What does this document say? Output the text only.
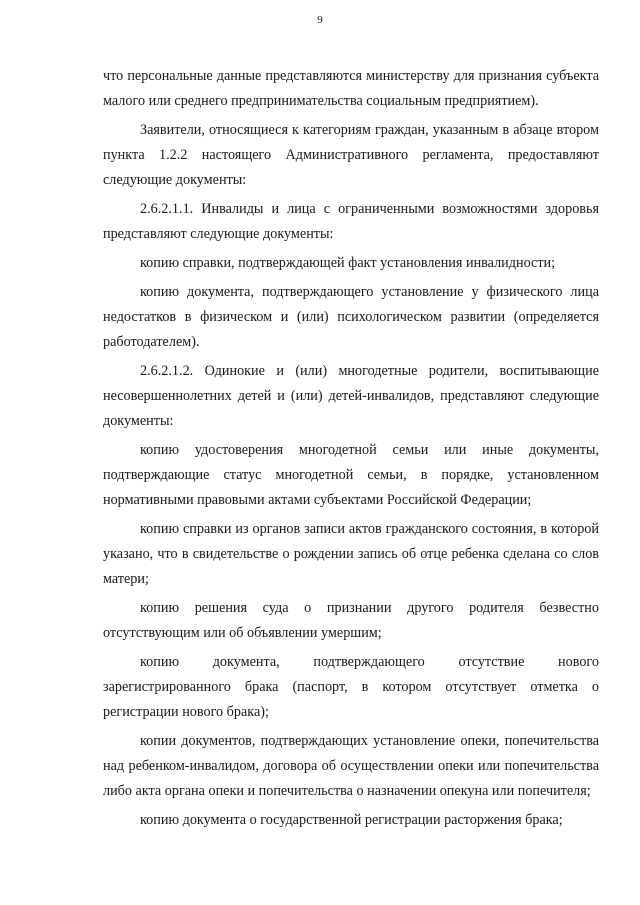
9

что персональные данные представляются министерству для признания субъекта малого или среднего предпринимательства социальным предприятием).

Заявители, относящиеся к категориям граждан, указанным в абзаце втором пункта 1.2.2 настоящего Административного регламента, предоставляют следующие документы:

2.6.2.1.1. Инвалиды и лица с ограниченными возможностями здоровья представляют следующие документы:

копию справки, подтверждающей факт установления инвалидности;

копию документа, подтверждающего установление у физического лица недостатков в физическом и (или) психологическом развитии (определяется работодателем).

2.6.2.1.2. Одинокие и (или) многодетные родители, воспитывающие несовершеннолетних детей и (или) детей-инвалидов, представляют следующие документы:

копию удостоверения многодетной семьи или иные документы, подтверждающие статус многодетной семьи, в порядке, установленном нормативными правовыми актами субъектами Российской Федерации;

копию справки из органов записи актов гражданского состояния, в которой указано, что в свидетельстве о рождении запись об отце ребенка сделана со слов матери;

копию решения суда о признании другого родителя безвестно отсутствующим или об объявлении умершим;

копию документа, подтверждающего отсутствие нового зарегистрированного брака (паспорт, в котором отсутствует отметка о регистрации нового брака);

копии документов, подтверждающих установление опеки, попечительства над ребенком-инвалидом, договора об осуществлении опеки или попечительства либо акта органа опеки и попечительства о назначении опекуна или попечителя;

копию документа о государственной регистрации расторжения брака;
